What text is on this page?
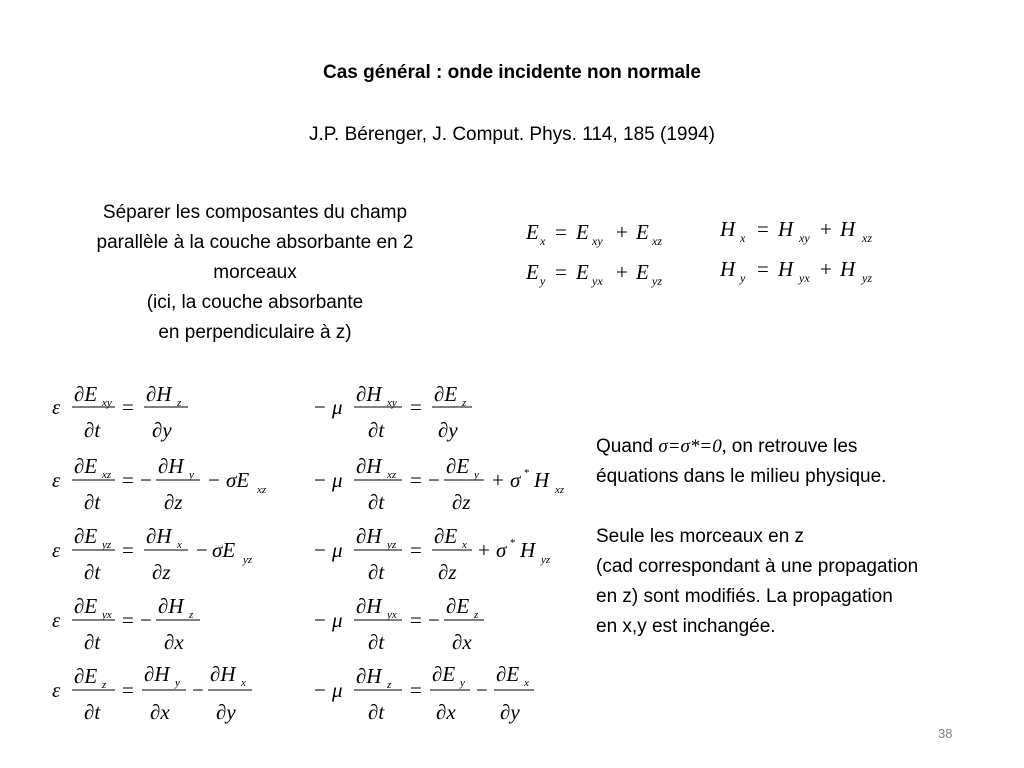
Cas général : onde incidente non normale
J.P. Bérenger, J. Comput. Phys. 114, 185 (1994)
Séparer les composantes du champ
parallèle à la couche absorbante en 2
morceaux
(ici, la couche absorbante
en perpendiculaire à z)
E x = E xy + E xz
E y = E yx + E yz
H x = H xy + H xz
H y = H yx + H yz
ε
∂E xy
∂t
=
∂H z
∂y
ε
∂E xz
∂t
= −
∂H y
∂z
− σE xz
ε
∂E yz
∂t
=
∂H x
∂z
− σE yz
ε
∂E yx
∂t
= −
∂H z
∂x
ε
∂E z
∂t
=
∂H y
∂x
−
∂H x
∂y
− μ
∂H xy
∂t
=
∂E z
∂y
− μ
∂H xz
∂t
= −
∂E y
∂z
+ σ * H xz
− μ
∂H yz
∂t
=
∂E x
∂z
+ σ * H yz
− μ
∂H yx
∂t
= −
∂E z
∂x
− μ
∂H z
∂t
=
∂E y
∂x
−
∂E x
∂y
Quand σ=σ*=0, on retrouve les
équations dans le milieu physique.
Seule les morceaux en z
(cad correspondant à une propagation
en z) sont modifiés. La propagation
en x,y est inchangée.
38
